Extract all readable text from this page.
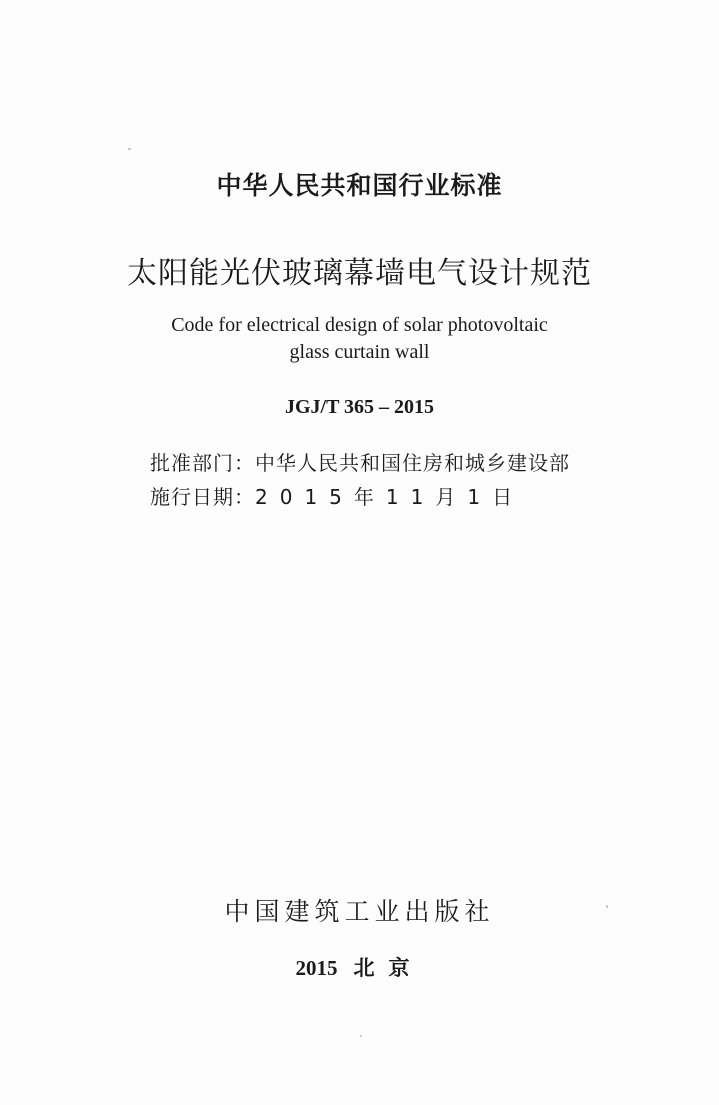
中华人民共和国行业标准
太阳能光伏玻璃幕墙电气设计规范
Code for electrical design of solar photovoltaic
glass curtain wall
JGJ/T 365 – 2015
批准部门：中华人民共和国住房和城乡建设部
施行日期：2015年11月1日
中国建筑工业出版社
2015 北京
